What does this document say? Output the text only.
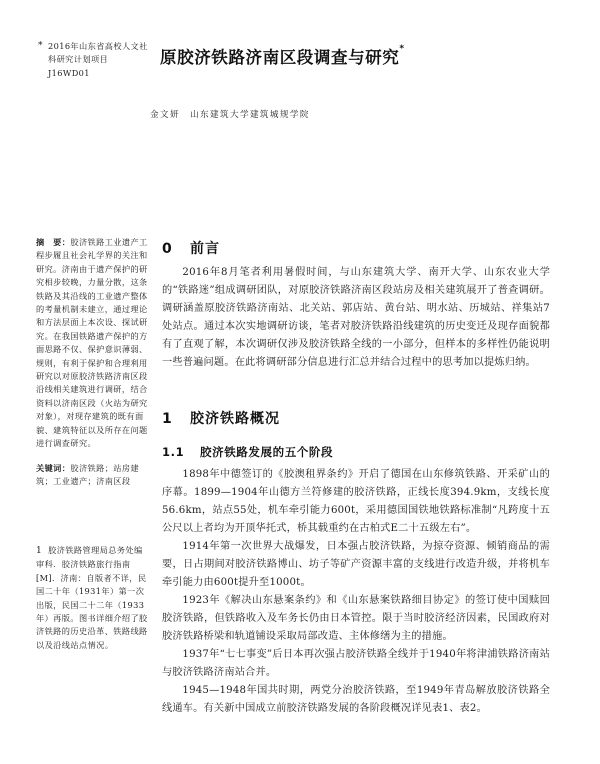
* 2016年山东省高校人文社科研究计划项目J16WD01
原胶济铁路济南区段调查与研究*
金文妍　山东建筑大学建筑城规学院
摘　要：胶济铁路工业遗产工程步履且社会礼学界的关注和研究。济南由于遗产保护的研究相步较晚，力量分散，这条铁路及其沿线的工业遗产整体的考量机制未建立，通过理论和方法层面上本次设、探试研究。在我国铁路遗产保护的方面思路不仅、保护意识薄弱、规则，有利于保护和合理利用研究以对原胶济铁路济南区段沿线相关建筑进行调研，结合资料以济南区段（火站为研究对象），对现存建筑的既有面貌、建筑特征以及所存在问题进行调查研究。
关键词：胶济铁路；站房建筑；工业遗产；济南区段
1 胶济铁路管理局总务处编审科．胶济铁路旅行指南[M]．济南：自版者不详，民国二十年（1931年）第一次出版，民国二十二年（1933年）再版。图书详细介绍了胶济铁路的历史沿革、铁路线路以及沿线站点情况。
0 前言

2016年8月笔者利用暑假时间，与山东建筑大学、南开大学、山东农业大学的“铁路迷”组成调研团队，对原胶济铁路济南区段站房及相关建筑展开了普查调研。调研涵盖原胶济铁路济南站、北关站、郭店站、黄台站、明水站、历城站、祥集站7处站点。通过本次实地调研访谈，笔者对胶济铁路沿线建筑的历史变迁及现存面貌都有了直观了解，本次调研仅涉及胶济铁路全线的一小部分，但样本的多样性仍能说明一些普遍问题。在此将调研部分信息进行汇总并结合过程中的思考加以提炼归纳。

1 胶济铁路概况
1.1 胶济铁路发展的五个阶段

1898年中德签订的《胶澳租界条约》开启了德国在山东修筑铁路、开采矿山的序幕。1899—1904年山德方兰符修建的胶济铁路，正线长度394.9km，支线长度56.6km，站点55处，机车牵引能力600t，采用德国国铁地铁路标准制“凡跨度十五公尺以上者均为开顶华托式，桥其载重约在古柏式E二十五级左右”。

1914年第一次世界大战爆发，日本强占胶济铁路，为掠夺资源、倾销商品的需要，日占期间对胶济铁路博山、坊子等矿产资源丰富的支线进行改造升级，并将机车牵引能力由600t提升至1000t。

1923年《解决山东悬案条约》和《山东悬案铁路细目协定》的签订使中国赎回胶济铁路，但铁路收入及车务长仍由日本管控。限于当时胶济经济因素，民国政府对胶济铁路桥梁和轨道铺设采取局部改造、主体修缮为主的措施。

1937年“七七事变”后日本再次强占胶济铁路全线并于1940年将津浦铁路济南站与胶济铁路济南站合并。

1945—1948年国共时期，两党分治胶济铁路，至1949年青岛解放胶济铁路全线通车。有关新中国成立前胶济铁路发展的各阶段概况详见表1、表2。
